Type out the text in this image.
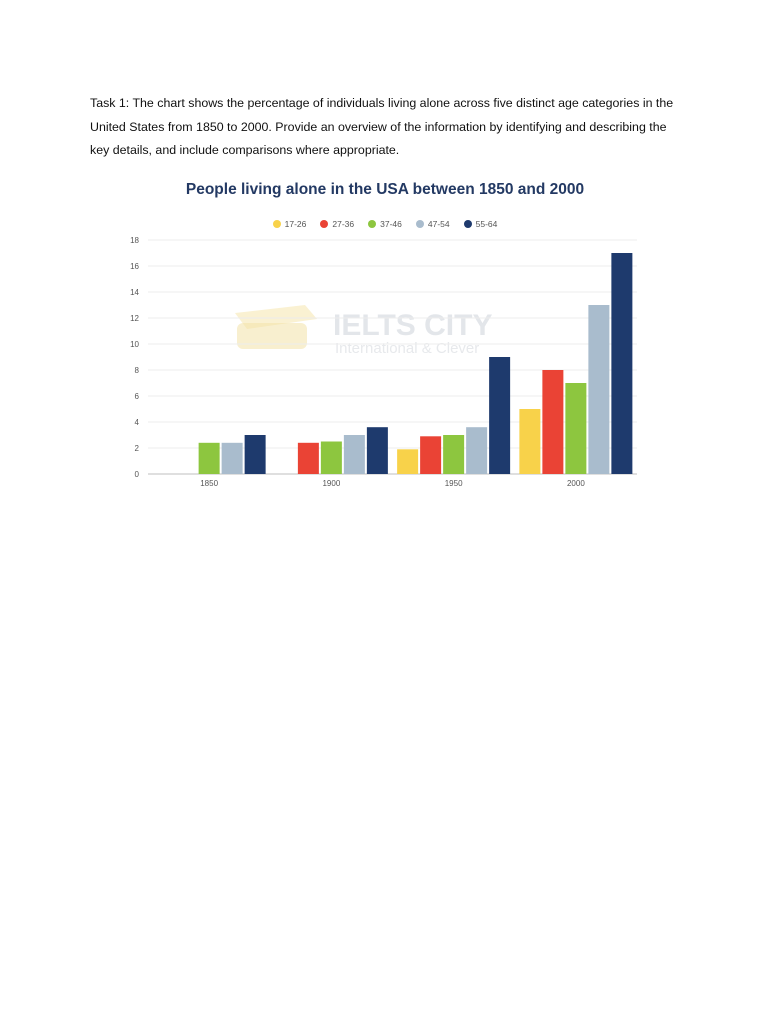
Task 1: The chart shows the percentage of individuals living alone across five distinct age categories in the United States from 1850 to 2000. Provide an overview of the information by identifying and describing the key details, and include comparisons where appropriate.
People living alone in the USA between 1850 and 2000
17-26	27-36	37-46	47-54	55-64
IELTS CITY
International & Clever
0
2
4
6
8
10
12
14
16
18
1850	1900	1950	2000
